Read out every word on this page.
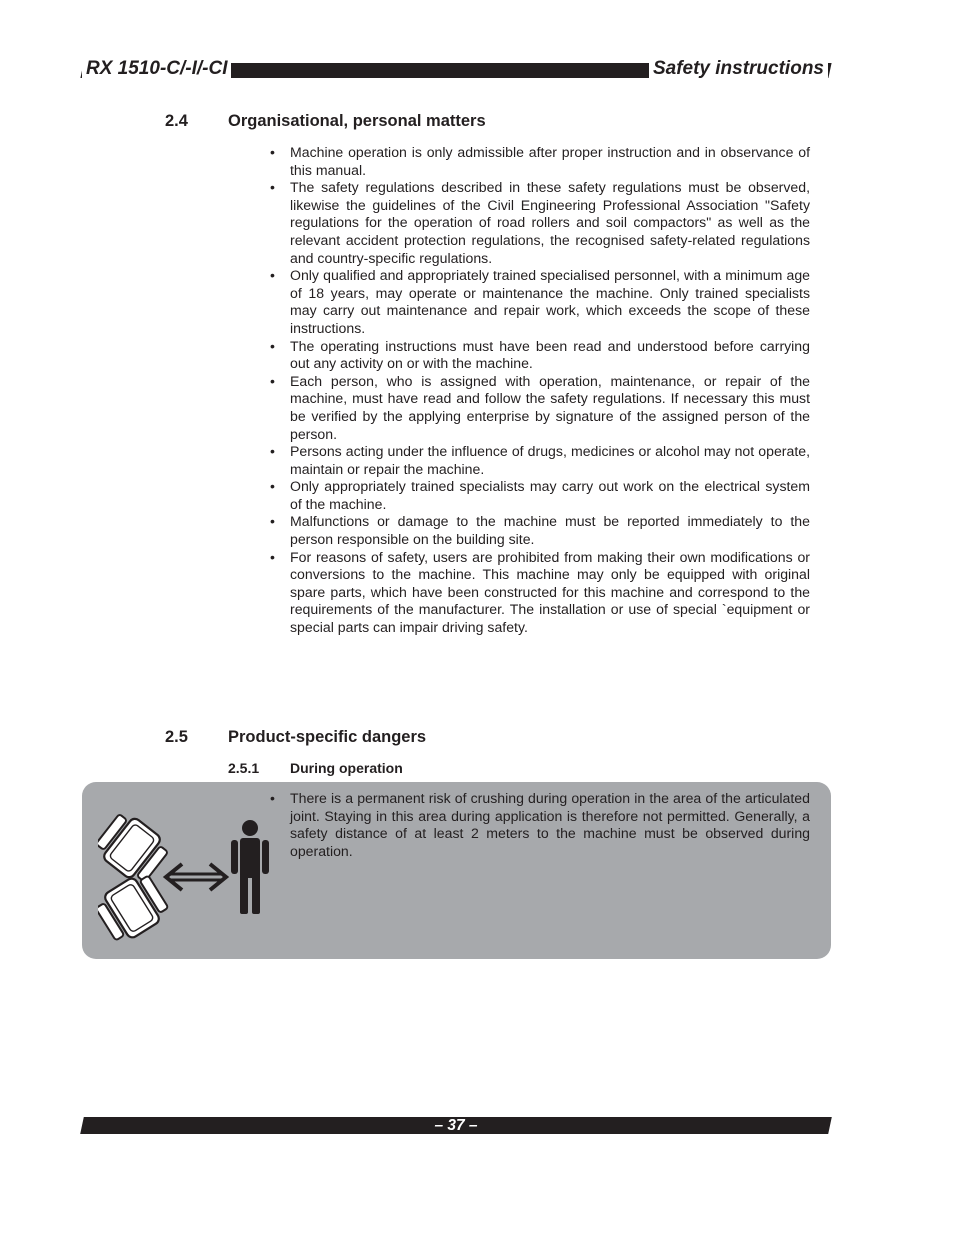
RX 1510-C/-I/-CI	Safety instructions
2.4 Organisational, personal matters
• Machine operation is only admissible after proper instruction and in observance of this manual.
• The safety regulations described in these safety regulations must be observed, likewise the guidelines of the Civil Engineering Professional Association "Safety regulations for the operation of road rollers and soil compactors" as well as the relevant accident protection regulations, the recognised safety-related regulations and country-specific regulations.
• Only qualified and appropriately trained specialised personnel, with a minimum age of 18 years, may operate or maintenance the machine. Only trained specialists may carry out maintenance and repair work, which exceeds the scope of these instructions.
• The operating instructions must have been read and understood before carrying out any activity on or with the machine.
• Each person, who is assigned with operation, maintenance, or repair of the machine, must have read and follow the safety regulations. If necessary this must be verified by the applying enterprise by signature of the assigned person of the person.
• Persons acting under the influence of drugs, medicines or alcohol may not operate, maintain or repair the machine.
• Only appropriately trained specialists may carry out work on the electrical system of the machine.
• Malfunctions or damage to the machine must be reported immediately to the person responsible on the building site.
• For reasons of safety, users are prohibited from making their own modifications or conversions to the machine. This machine may only be equipped with original spare parts, which have been constructed for this machine and correspond to the requirements of the manufacturer. The installation or use of special `equipment or special parts can impair driving safety.
2.5 Product-specific dangers
2.5.1 During operation
• There is a permanent risk of crushing during operation in the area of the articulated joint. Staying in this area during application is therefore not permitted. Generally, a safety distance of at least 2 meters to the machine must be observed during operation.
– 37 –
